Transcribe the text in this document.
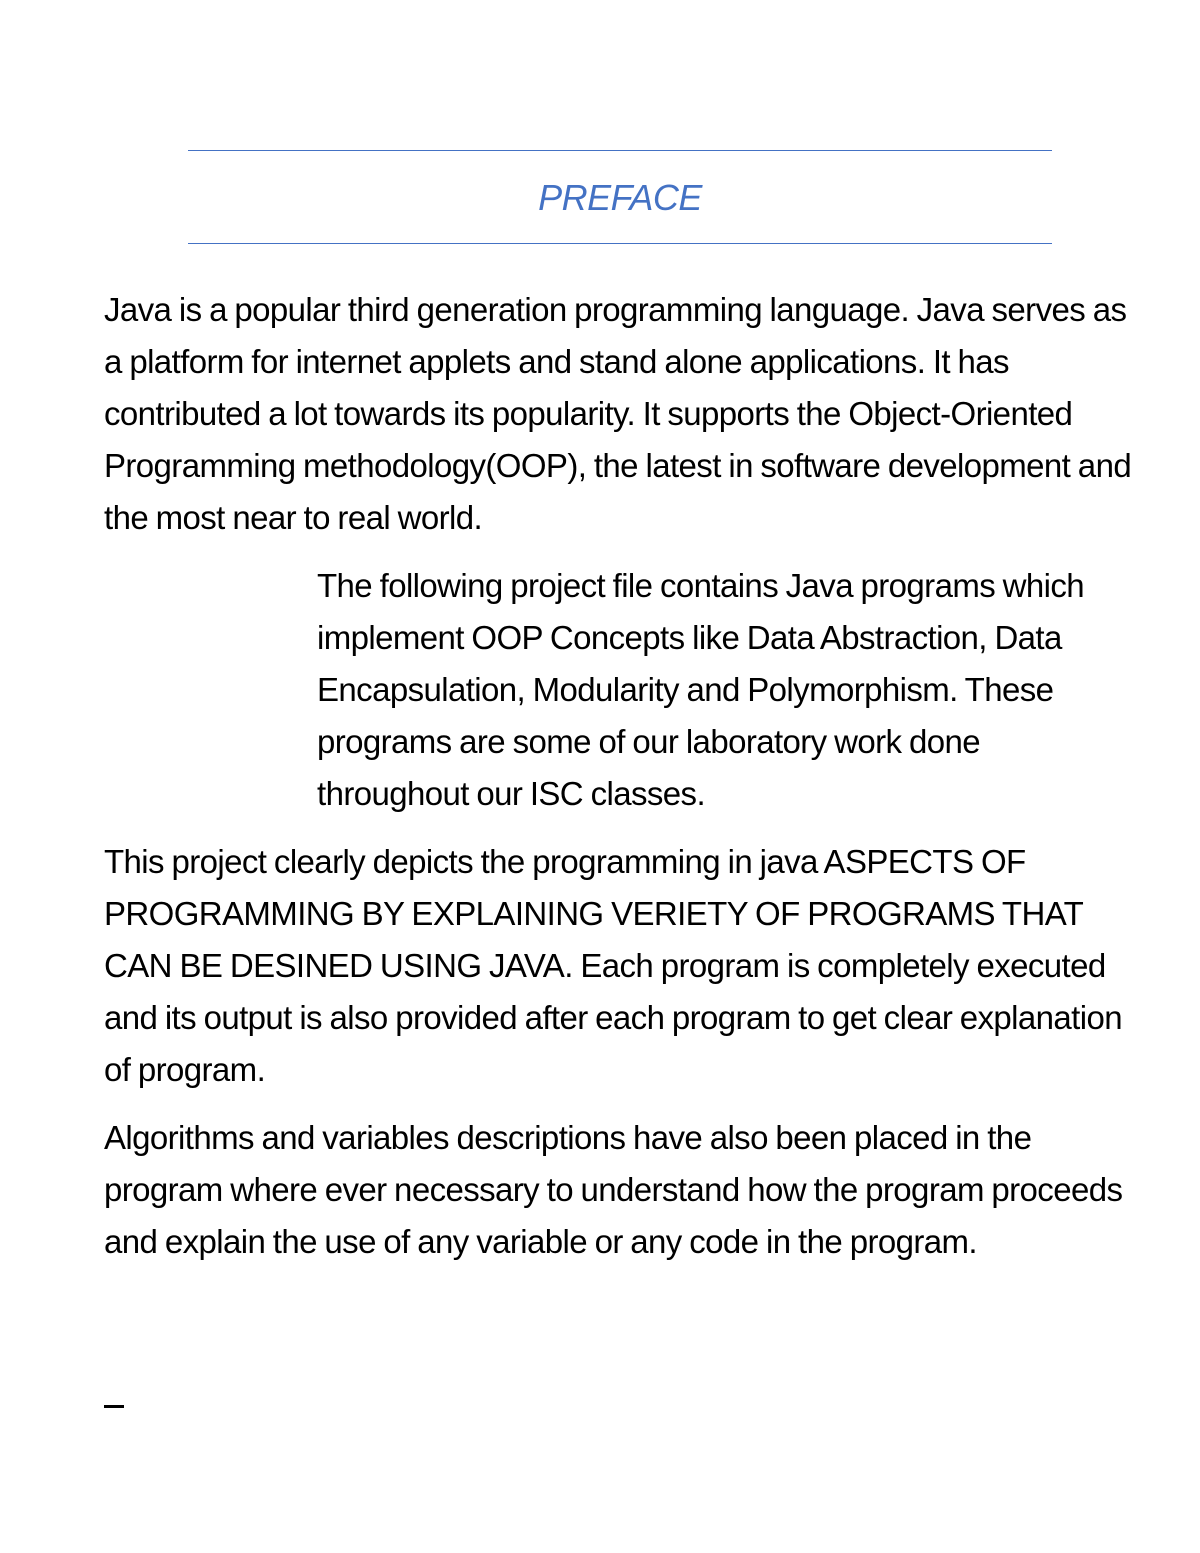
PREFACE

Java is a popular third generation programming language. Java serves as a platform for internet applets and stand alone applications. It has contributed a lot towards its popularity. It supports the Object-Oriented Programming methodology(OOP), the latest in software development and the most near to real world.

The following project file contains Java programs which implement OOP Concepts like Data Abstraction, Data Encapsulation, Modularity and Polymorphism. These programs are some of our laboratory work done throughout our ISC classes.

This project clearly depicts the programming in java ASPECTS OF PROGRAMMING BY EXPLAINING VERIETY OF PROGRAMS THAT CAN BE DESINED USING JAVA. Each program is completely executed and its output is also provided after each program to get clear explanation of program.

Algorithms and variables descriptions have also been placed in the program where ever necessary to understand how the program proceeds and explain the use of any variable or any code in the program.
